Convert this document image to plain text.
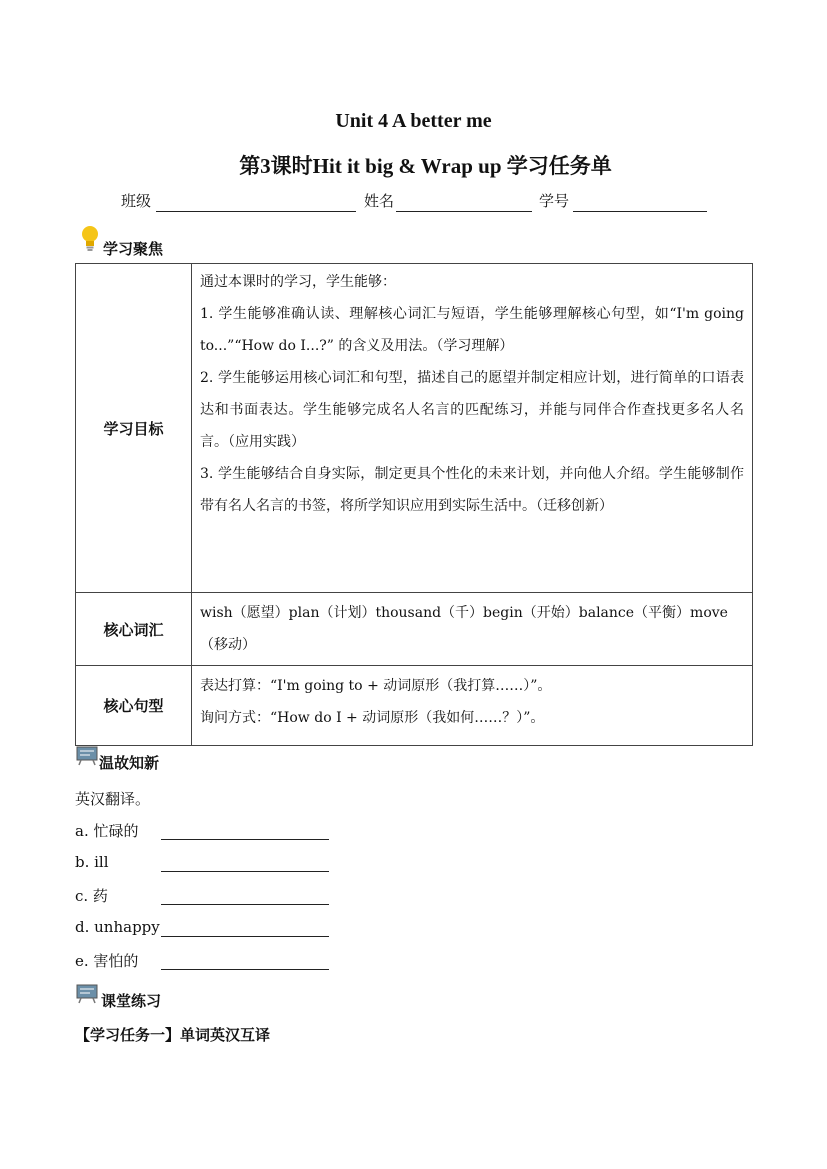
Unit 4 A better me
第3课时Hit it big & Wrap up 学习任务单
班级	姓名	学号
学习聚焦
学习目标	通过本课时的学习，学生能够：

1. 学生能够准确认读、理解核心词汇与短语，学生能够理解核心句型，如“I'm going to...”“How do I...?” 的含义及用法。（学习理解）

2. 学生能够运用核心词汇和句型，描述自己的愿望并制定相应计划，进行简单的口语表达和书面表达。学生能够完成名人名言的匹配练习，并能与同伴合作查找更多名人名言。（应用实践）

3. 学生能够结合自身实际，制定更具个性化的未来计划，并向他人介绍。学生能够制作带有名人名言的书签，将所学知识应用到实际生活中。（迁移创新）

核心词汇	wish（愿望）plan（计划）thousand（千）begin（开始）balance（平衡）move（移动）

核心句型	表达打算：“I'm going to + 动词原形（我打算……）”。

询问方式：“How do I + 动词原形（我如何……？）”。

温故知新
英汉翻译。
a. 忙碌的
b. ill
c. 药
d. unhappy
e. 害怕的
课堂练习
【学习任务一】单词英汉互译
